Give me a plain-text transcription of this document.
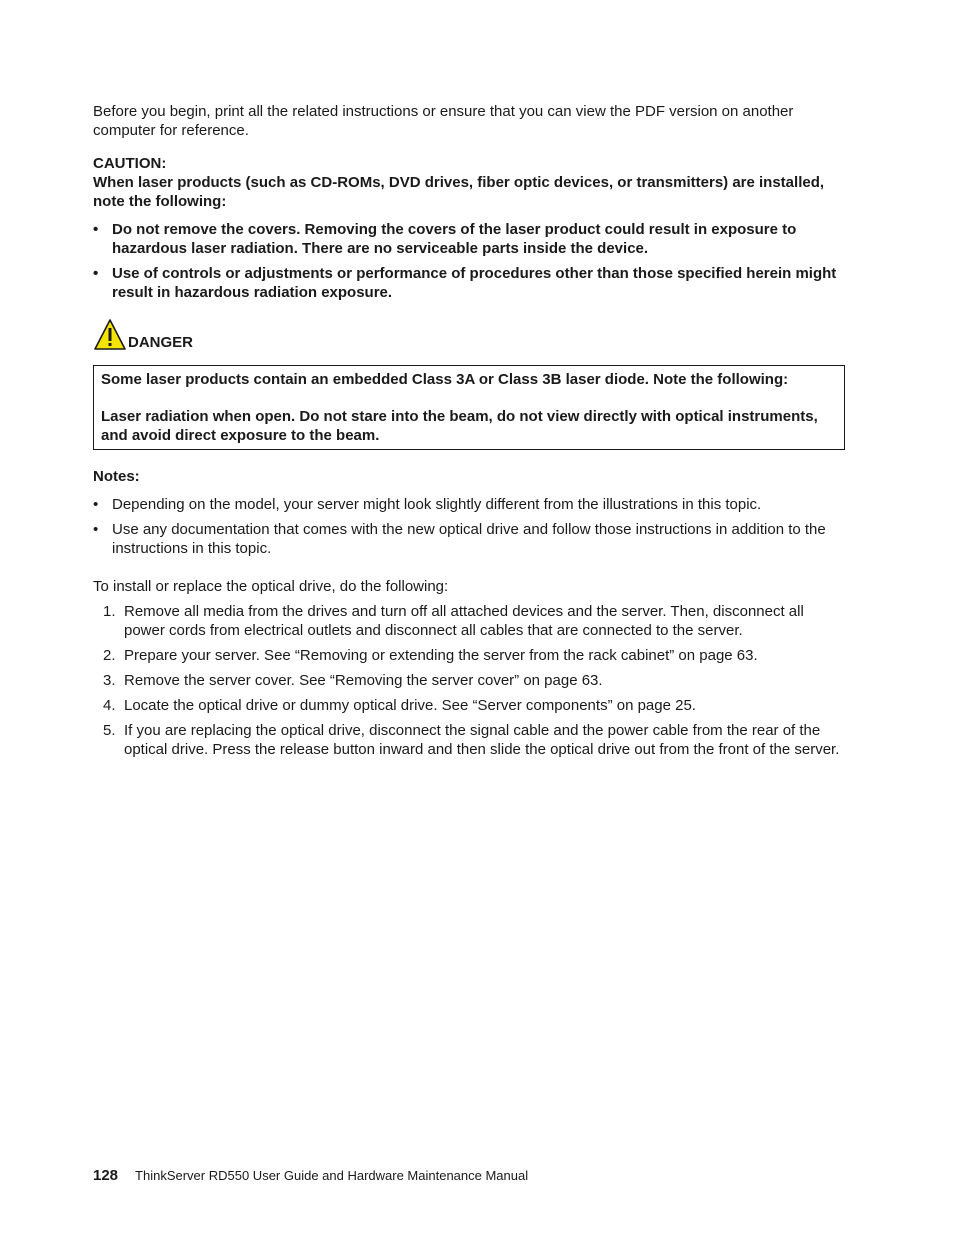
Before you begin, print all the related instructions or ensure that you can view the PDF version on another computer for reference.

CAUTION:

When laser products (such as CD-ROMs, DVD drives, fiber optic devices, or transmitters) are installed, note the following:

• Do not remove the covers. Removing the covers of the laser product could result in exposure to hazardous laser radiation. There are no serviceable parts inside the device.
• Use of controls or adjustments or performance of procedures other than those specified herein might result in hazardous radiation exposure.
DANGER

Some laser products contain an embedded Class 3A or Class 3B laser diode. Note the following:

Laser radiation when open. Do not stare into the beam, do not view directly with optical instruments, and avoid direct exposure to the beam.

Notes:

• Depending on the model, your server might look slightly different from the illustrations in this topic.
• Use any documentation that comes with the new optical drive and follow those instructions in addition to the instructions in this topic.

To install or replace the optical drive, do the following:

1. Remove all media from the drives and turn off all attached devices and the server. Then, disconnect all power cords from electrical outlets and disconnect all cables that are connected to the server.
2. Prepare your server. See “Removing or extending the server from the rack cabinet” on page 63.
3. Remove the server cover. See “Removing the server cover” on page 63.
4. Locate the optical drive or dummy optical drive. See “Server components” on page 25.
5. If you are replacing the optical drive, disconnect the signal cable and the power cable from the rear of the optical drive. Press the release button inward and then slide the optical drive out from the front of the server.
128 ThinkServer RD550 User Guide and Hardware Maintenance Manual
